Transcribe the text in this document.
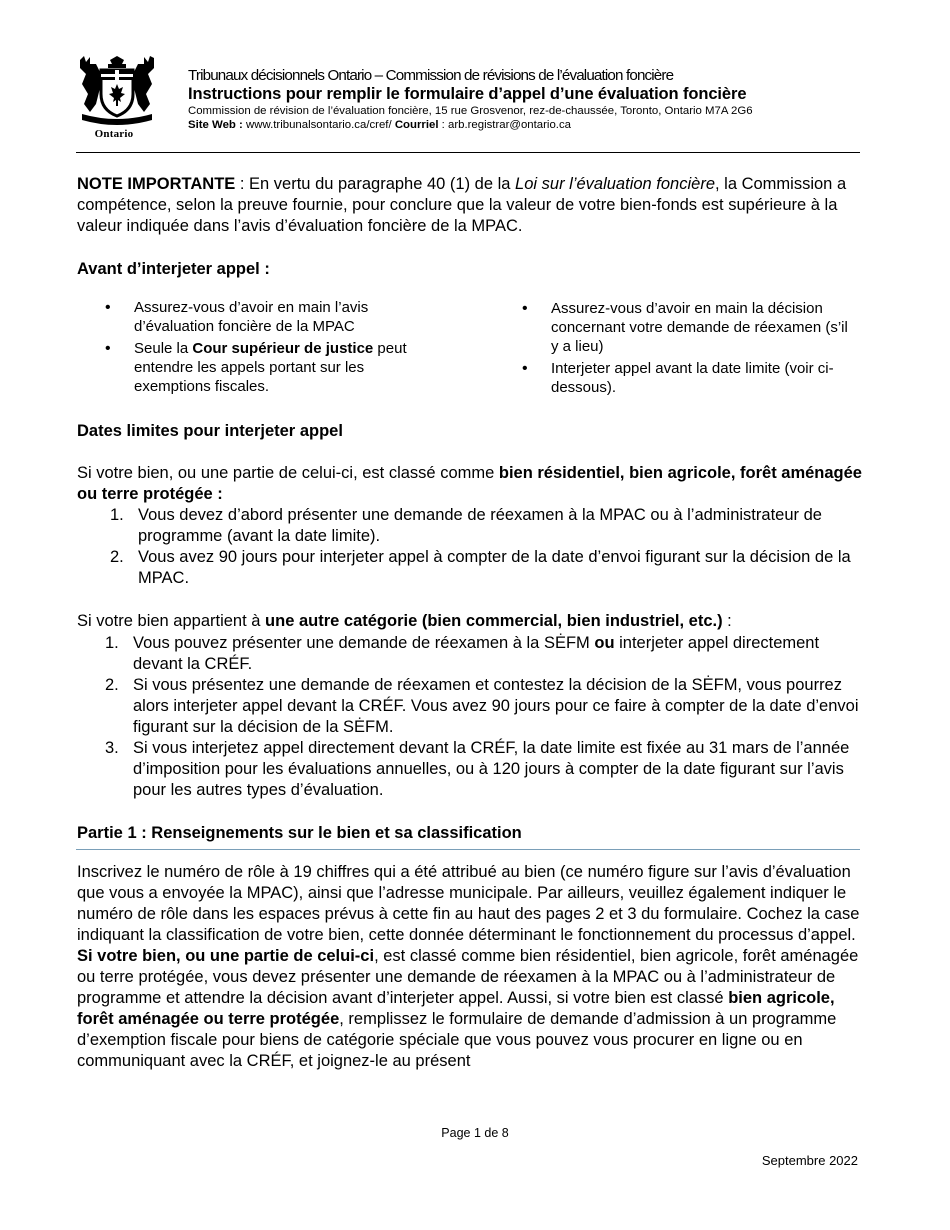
Ontario
Tribunaux décisionnels Ontario – Commission de révisions de l’évaluation foncière
Instructions pour remplir le formulaire d’appel d’une évaluation foncière
Commission de révision de l’évaluation foncière, 15 rue Grosvenor, rez-de-chaussée, Toronto, Ontario M7A 2G6
Site Web : www.tribunalsontario.ca/cref/ Courriel : arb.registrar@ontario.ca
NOTE IMPORTANTE : En vertu du paragraphe 40 (1) de la Loi sur l’évaluation foncière, la Commission a compétence, selon la preuve fournie, pour conclure que la valeur de votre bien-fonds est supérieure à la valeur indiquée dans l’avis d’évaluation foncière de la MPAC.
Avant d’interjeter appel :
• Assurez-vous d’avoir en main l’avis d’évaluation foncière de la MPAC
• Seule la Cour supérieur de justice peut entendre les appels portant sur les exemptions fiscales.
• Assurez-vous d’avoir en main la décision concernant votre demande de réexamen (s’il y a lieu)
• Interjeter appel avant la date limite (voir ci-dessous).
Dates limites pour interjeter appel
Si votre bien, ou une partie de celui-ci, est classé comme bien résidentiel, bien agricole, forêt aménagée ou terre protégée :
1. Vous devez d’abord présenter une demande de réexamen à la MPAC ou à l’administrateur de programme (avant la date limite).
2. Vous avez 90 jours pour interjeter appel à compter de la date d’envoi figurant sur la décision de la MPAC.
Si votre bien appartient à une autre catégorie (bien commercial, bien industriel, etc.) :
1. Vous pouvez présenter une demande de réexamen à la SĖFM ou interjeter appel directement devant la CRÉF.
2. Si vous présentez une demande de réexamen et contestez la décision de la SĖFM, vous pourrez alors interjeter appel devant la CRÉF. Vous avez 90 jours pour ce faire à compter de la date d’envoi figurant sur la décision de la SĖFM.
3. Si vous interjetez appel directement devant la CRÉF, la date limite est fixée au 31 mars de l’année d’imposition pour les évaluations annuelles, ou à 120 jours à compter de la date figurant sur l’avis pour les autres types d’évaluation.
Partie 1 : Renseignements sur le bien et sa classification
Inscrivez le numéro de rôle à 19 chiffres qui a été attribué au bien (ce numéro figure sur l’avis d’évaluation que vous a envoyée la MPAC), ainsi que l’adresse municipale. Par ailleurs, veuillez également indiquer le numéro de rôle dans les espaces prévus à cette fin au haut des pages 2 et 3 du formulaire. Cochez la case indiquant la classification de votre bien, cette donnée déterminant le fonctionnement du processus d’appel. Si votre bien, ou une partie de celui-ci, est classé comme bien résidentiel, bien agricole, forêt aménagée ou terre protégée, vous devez présenter une demande de réexamen à la MPAC ou à l’administrateur de programme et attendre la décision avant d’interjeter appel. Aussi, si votre bien est classé bien agricole, forêt aménagée ou terre protégée, remplissez le formulaire de demande d’admission à un programme d’exemption fiscale pour biens de catégorie spéciale que vous pouvez vous procurer en ligne ou en communiquant avec la CRÉF, et joignez-le au présent
Page 1 de 8
Septembre 2022
